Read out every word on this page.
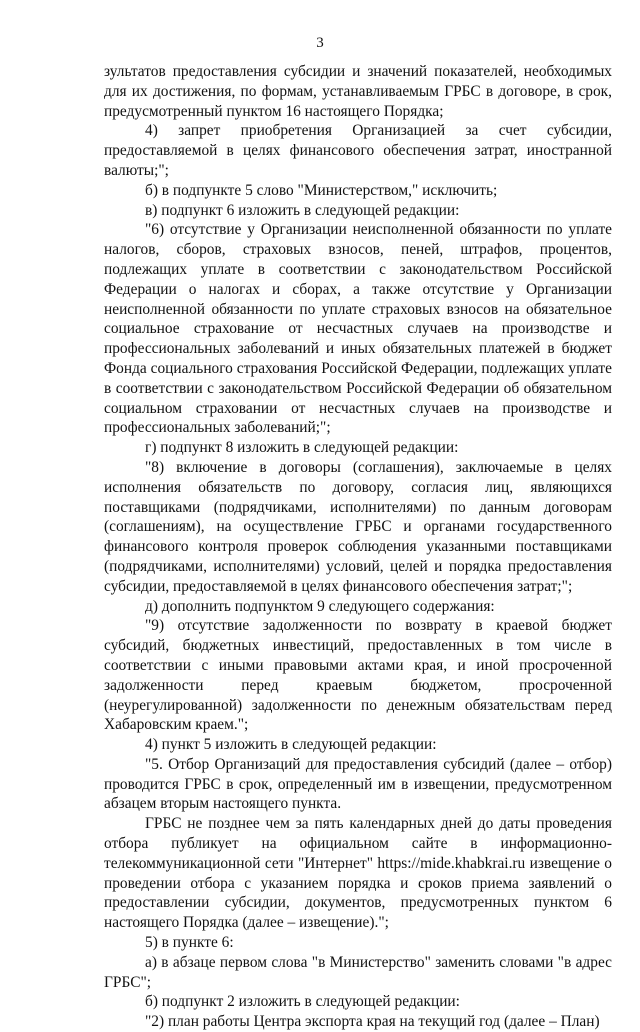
3

зультатов предоставления субсидии и значений показателей, необходимых для их достижения, по формам, устанавливаемым ГРБС в договоре, в срок, предусмотренный пунктом 16 настоящего Порядка;

4) запрет приобретения Организацией за счет субсидии, предоставляемой в целях финансового обеспечения затрат, иностранной валюты;";

б) в подпункте 5 слово "Министерством," исключить;

в) подпункт 6 изложить в следующей редакции:

"6) отсутствие у Организации неисполненной обязанности по уплате налогов, сборов, страховых взносов, пеней, штрафов, процентов, подлежащих уплате в соответствии с законодательством Российской Федерации о налогах и сборах, а также отсутствие у Организации неисполненной обязанности по уплате страховых взносов на обязательное социальное страхование от несчастных случаев на производстве и профессиональных заболеваний и иных обязательных платежей в бюджет Фонда социального страхования Российской Федерации, подлежащих уплате в соответствии с законодательством Российской Федерации об обязательном социальном страховании от несчастных случаев на производстве и профессиональных заболеваний;";

г) подпункт 8 изложить в следующей редакции:

"8) включение в договоры (соглашения), заключаемые в целях исполнения обязательств по договору, согласия лиц, являющихся поставщиками (подрядчиками, исполнителями) по данным договорам (соглашениям), на осуществление ГРБС и органами государственного финансового контроля проверок соблюдения указанными поставщиками (подрядчиками, исполнителями) условий, целей и порядка предоставления субсидии, предоставляемой в целях финансового обеспечения затрат;";

д) дополнить подпунктом 9 следующего содержания:

"9) отсутствие задолженности по возврату в краевой бюджет субсидий, бюджетных инвестиций, предоставленных в том числе в соответствии с иными правовыми актами края, и иной просроченной задолженности перед краевым бюджетом, просроченной (неурегулированной) задолженности по денежным обязательствам перед Хабаровским краем.";

4) пункт 5 изложить в следующей редакции:

"5. Отбор Организаций для предоставления субсидий (далее – отбор) проводится ГРБС в срок, определенный им в извещении, предусмотренном абзацем вторым настоящего пункта.

ГРБС не позднее чем за пять календарных дней до даты проведения отбора публикует на официальном сайте в информационно-телекоммуникационной сети "Интернет" https://mide.khabkrai.ru извещение о проведении отбора с указанием порядка и сроков приема заявлений о предоставлении субсидии, документов, предусмотренных пунктом 6 настоящего Порядка (далее – извещение).";

5) в пункте 6:

а) в абзаце первом слова "в Министерство" заменить словами "в адрес ГРБС";

б) подпункт 2 изложить в следующей редакции:

"2) план работы Центра экспорта края на текущий год (далее – План)
